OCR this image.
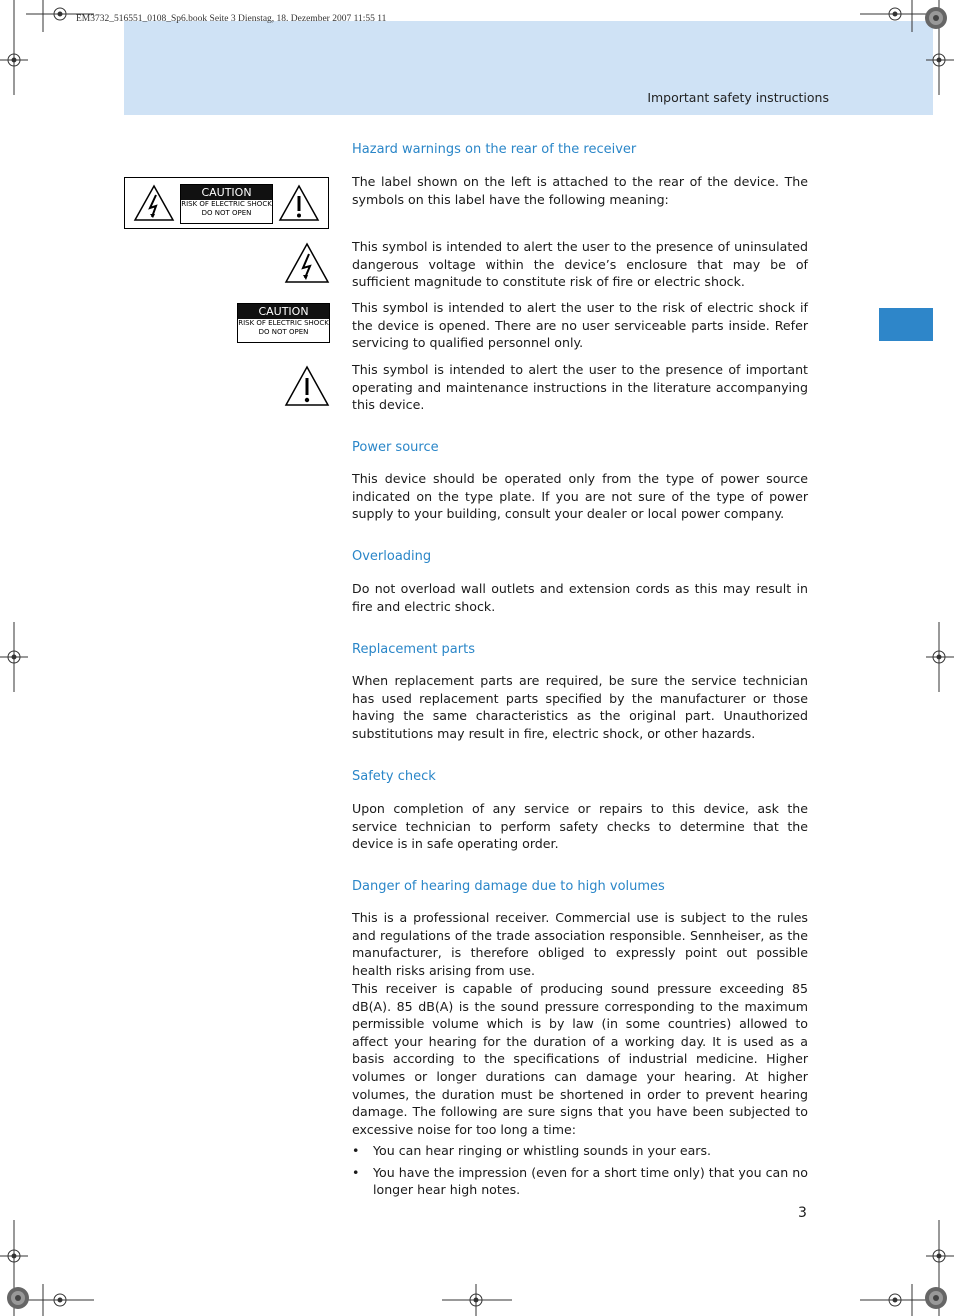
EM3732_516551_0108_Sp6.book Seite 3 Dienstag, 18. Dezember 2007 11:55 11
Important safety instructions
CAUTION
RISK OF ELECTRIC SHOCK
DO NOT OPEN
CAUTION
RISK OF ELECTRIC SHOCK
DO NOT OPEN
Hazard warnings on the rear of the receiver

The label shown on the left is attached to the rear of the device. The symbols on this label have the following meaning:

This symbol is intended to alert the user to the presence of uninsulated dangerous voltage within the device’s enclosure that may be of sufficient magnitude to constitute risk of fire or electric shock.

This symbol is intended to alert the user to the risk of electric shock if the device is opened. There are no user serviceable parts inside. Refer servicing to qualified personnel only.

This symbol is intended to alert the user to the presence of important operating and maintenance instructions in the literature accompanying this device.

Power source

This device should be operated only from the type of power source indicated on the type plate. If you are not sure of the type of power supply to your building, consult your dealer or local power company.

Overloading

Do not overload wall outlets and extension cords as this may result in fire and electric shock.

Replacement parts

When replacement parts are required, be sure the service technician has used replacement parts specified by the manufacturer or those having the same characteristics as the original part. Unauthorized substitutions may result in fire, electric shock, or other hazards.

Safety check

Upon completion of any service or repairs to this device, ask the service technician to perform safety checks to determine that the device is in safe operating order.

Danger of hearing damage due to high volumes

This is a professional receiver. Commercial use is subject to the rules and regulations of the trade association responsible. Sennheiser, as the manufacturer, is therefore obliged to expressly point out possible health risks arising from use.

This receiver is capable of producing sound pressure exceeding 85 dB(A). 85 dB(A) is the sound pressure corresponding to the maximum permissible volume which is by law (in some countries) allowed to affect your hearing for the duration of a working day. It is used as a basis according to the specifications of industrial medicine. Higher volumes or longer durations can damage your hearing. At higher volumes, the duration must be shortened in order to prevent hearing damage. The following are sure signs that you have been subjected to excessive noise for too long a time:

• You can hear ringing or whistling sounds in your ears.
• You have the impression (even for a short time only) that you can no longer hear high notes.
3
